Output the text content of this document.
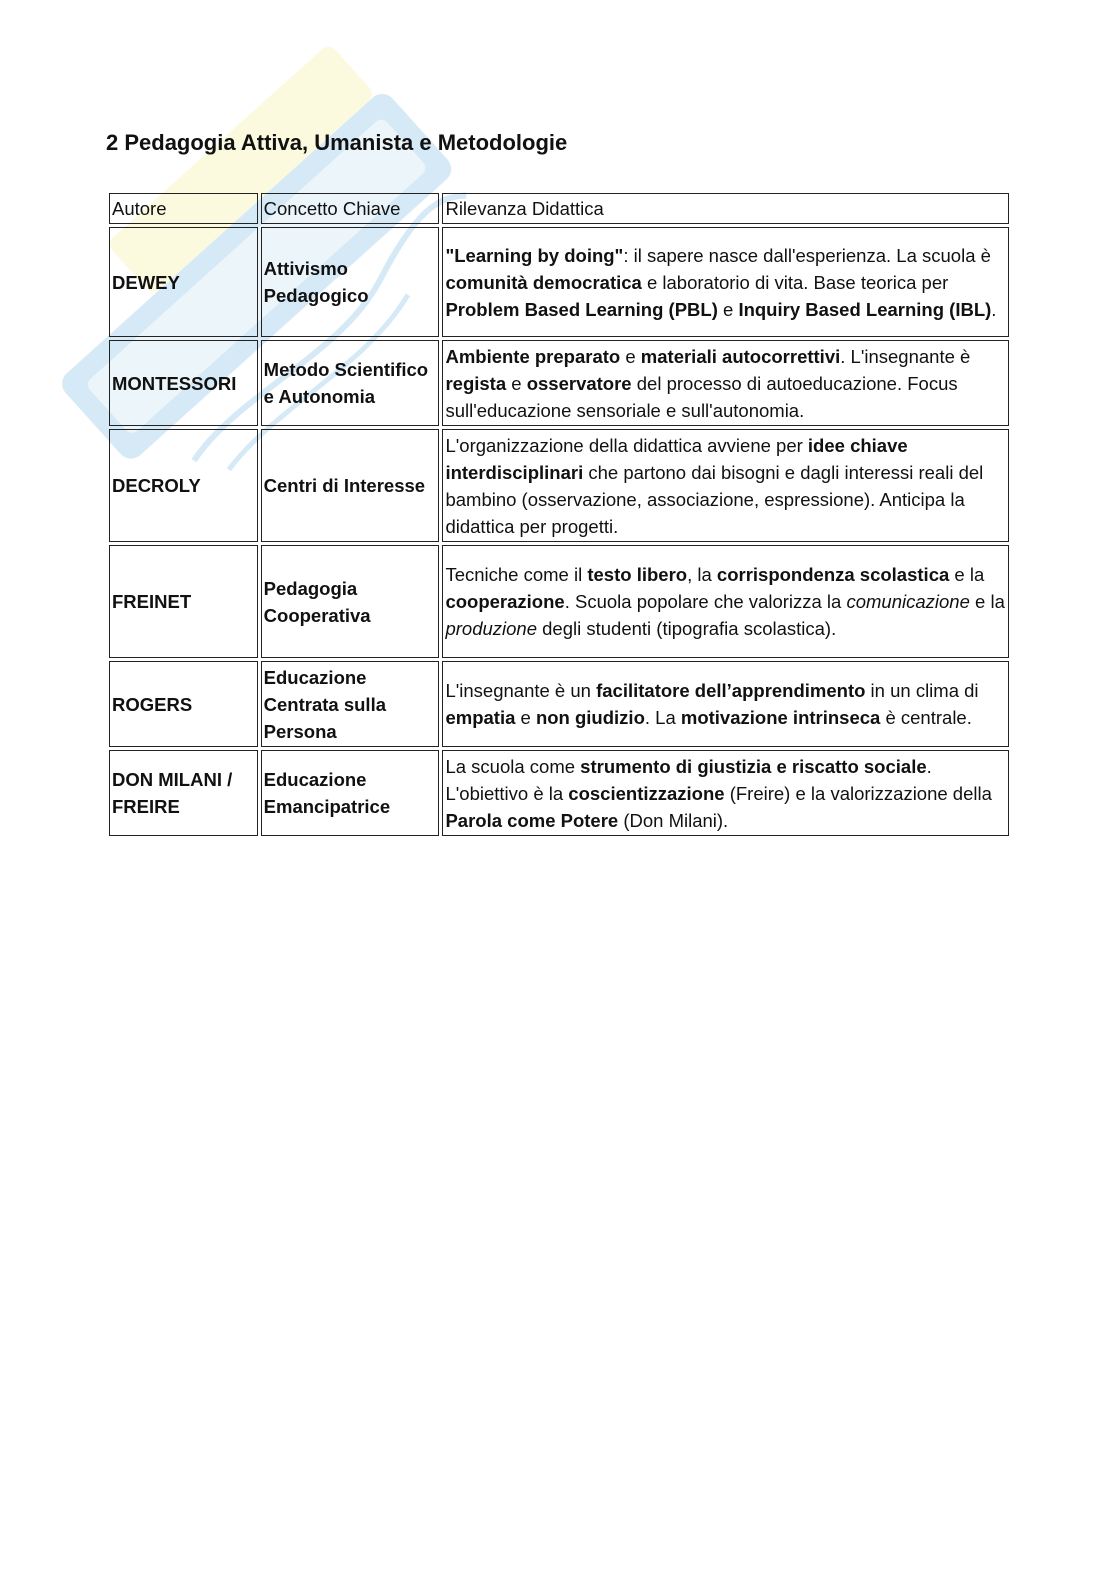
2 Pedagogia Attiva, Umanista e Metodologie
Autore	Concetto Chiave	Rilevanza Didattica
DEWEY	Attivismo Pedagogico	"Learning by doing": il sapere nasce dall'esperienza. La scuola è comunità democratica e laboratorio di vita. Base teorica per Problem Based Learning (PBL) e Inquiry Based Learning (IBL).
MONTESSORI	Metodo Scientifico e Autonomia	Ambiente preparato e materiali autocorrettivi. L'insegnante è regista e osservatore del processo di autoeducazione. Focus sull'educazione sensoriale e sull'autonomia.
DECROLY	Centri di Interesse	L'organizzazione della didattica avviene per idee chiave interdisciplinari che partono dai bisogni e dagli interessi reali del bambino (osservazione, associazione, espressione). Anticipa la didattica per progetti.
FREINET	Pedagogia Cooperativa	Tecniche come il testo libero, la corrispondenza scolastica e la cooperazione. Scuola popolare che valorizza la comunicazione e la produzione degli studenti (tipografia scolastica).
ROGERS	Educazione Centrata sulla Persona	L'insegnante è un facilitatore dell’apprendimento in un clima di empatia e non giudizio. La motivazione intrinseca è centrale.
DON MILANI / FREIRE	Educazione Emancipatrice	La scuola come strumento di giustizia e riscatto sociale. L'obiettivo è la coscientizzazione (Freire) e la valorizzazione della Parola come Potere (Don Milani).
